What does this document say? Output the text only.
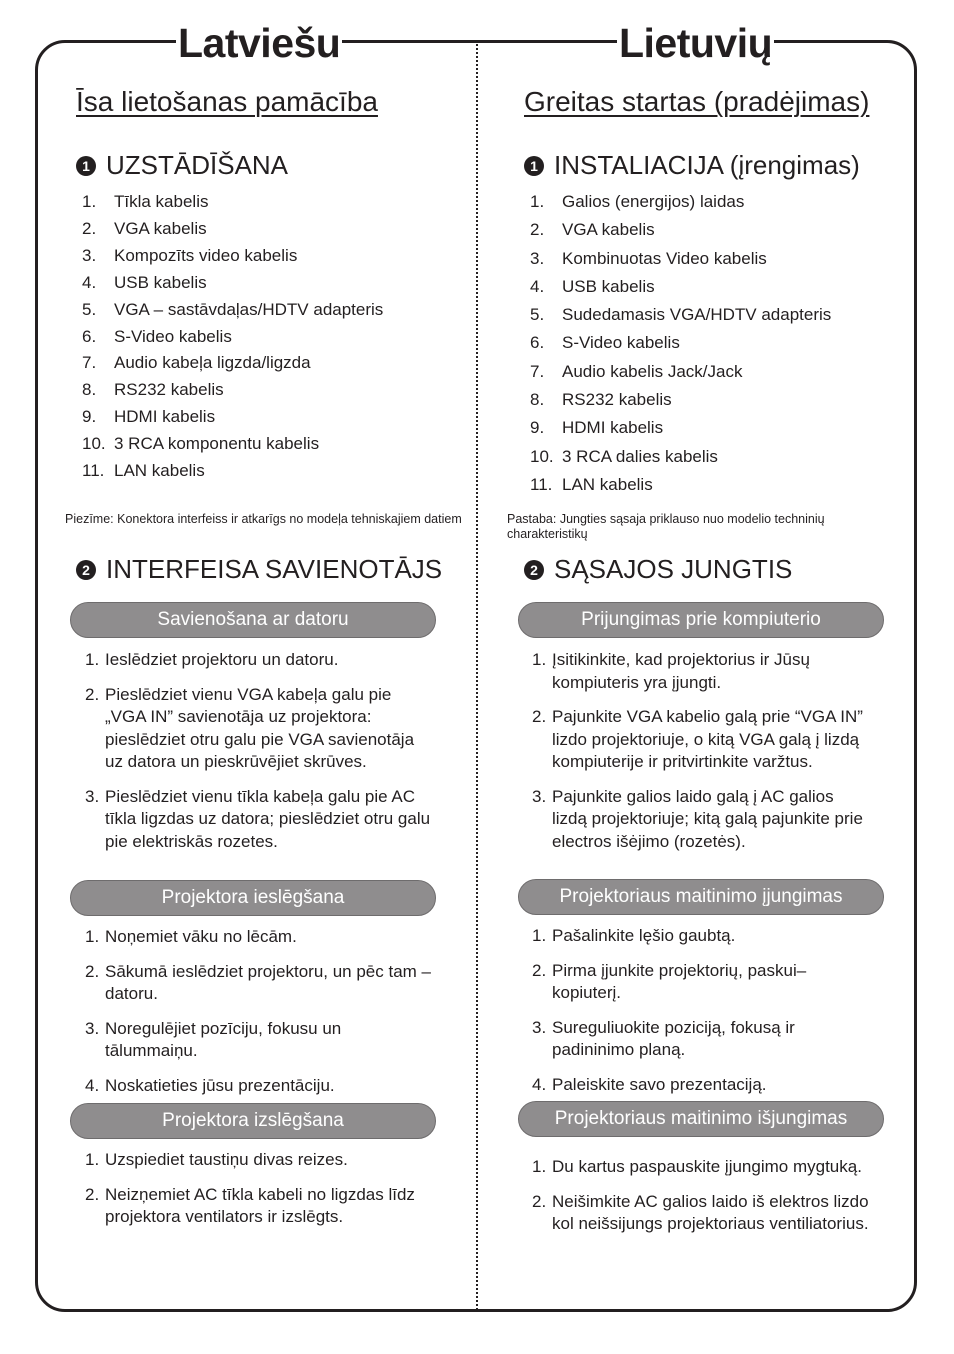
Latviešu	Lietuvių
Īsa lietošanas pamācība
1 UZSTĀDĪŠANA
1. Tīkla kabelis
2. VGA kabelis
3. Kompozīts video kabelis
4. USB kabelis
5. VGA – sastāvdaļas/HDTV adapteris
6. S-Video kabelis
7. Audio kabeļa ligzda/ligzda
8. RS232 kabelis
9. HDMI kabelis
10. 3 RCA komponentu kabelis
11. LAN kabelis
Piezīme: Konektora interfeiss ir atkarīgs no modeļa tehniskajiem datiem
2 INTERFEISA SAVIENOTĀJS
Savienošana ar datoru
1. Ieslēdziet projektoru un datoru.
2. Pieslēdziet vienu VGA kabeļa galu pie „VGA IN” savienotāja uz projektora: pieslēdziet otru galu pie VGA savienotāja uz datora un pieskrūvējiet skrūves.
3. Pieslēdziet vienu tīkla kabeļa galu pie AC tīkla ligzdas uz datora; pieslēdziet otru galu pie elektriskās rozetes.
Projektora ieslēgšana
1. Noņemiet vāku no lēcām.
2. Sākumā ieslēdziet projektoru, un pēc tam – datoru.
3. Noregulējiet pozīciju, fokusu un tālummaiņu.
4. Noskatieties jūsu prezentāciju.
Projektora izslēgšana
1. Uzspiediet taustiņu divas reizes.
2. Neizņemiet AC tīkla kabeli no ligzdas līdz projektora ventilators ir izslēgts.
Greitas startas (pradėjimas)
1 INSTALIACIJA (įrengimas)
1. Galios (energijos) laidas
2. VGA kabelis
3. Kombinuotas Video kabelis
4. USB kabelis
5. Sudedamasis VGA/HDTV adapteris
6. S-Video kabelis
7. Audio kabelis Jack/Jack
8. RS232 kabelis
9. HDMI kabelis
10. 3 RCA dalies kabelis
11. LAN kabelis
Pastaba: Jungties sąsaja priklauso nuo modelio techninių charakteristikų
2 SĄSAJOS JUNGTIS
Prijungimas prie kompiuterio
1. Įsitikinkite, kad projektorius ir Jūsų kompiuteris yra įjungti.
2. Pajunkite VGA kabelio galą prie “VGA IN” lizdo projektoriuje, o kitą VGA galą į lizdą kompiuterije ir pritvirtinkite varžtus.
3. Pajunkite galios laido galą į AC galios lizdą projektoriuje; kitą galą pajunkite prie electros išėjimo (rozetės).
Projektoriaus maitinimo įjungimas
1. Pašalinkite lęšio gaubtą.
2. Pirma įjunkite projektorių, paskui–kopiuterį.
3. Sureguliuokite poziciją, fokusą ir padininimo planą.
4. Paleiskite savo prezentaciją.
Projektoriaus maitinimo išjungimas
1. Du kartus paspauskite įjungimo mygtuką.
2. Neišimkite AC galios laido iš elektros lizdo kol neišsijungs projektoriaus ventiliatorius.
